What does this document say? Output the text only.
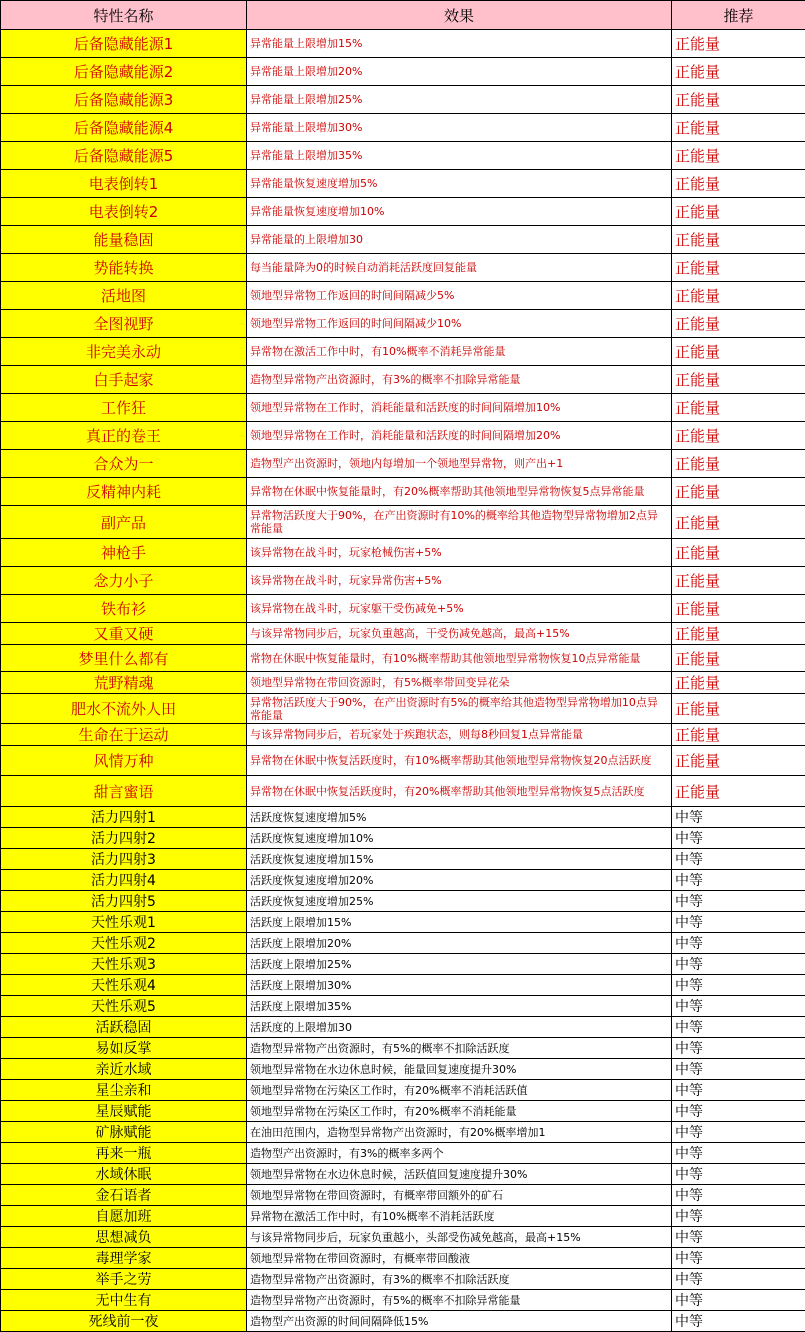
特性名称	效果	推荐
后备隐藏能源1	异常能量上限增加15%	正能量
后备隐藏能源2	异常能量上限增加20%	正能量
后备隐藏能源3	异常能量上限增加25%	正能量
后备隐藏能源4	异常能量上限增加30%	正能量
后备隐藏能源5	异常能量上限增加35%	正能量
电表倒转1	异常能量恢复速度增加5%	正能量
电表倒转2	异常能量恢复速度增加10%	正能量
能量稳固	异常能量的上限增加30	正能量
势能转换	每当能量降为0的时候自动消耗活跃度回复能量	正能量
活地图	领地型异常物工作返回的时间间隔减少5%	正能量
全图视野	领地型异常物工作返回的时间间隔减少10%	正能量
非完美永动	异常物在激活工作中时，有10%概率不消耗异常能量	正能量
白手起家	造物型异常物产出资源时，有3%的概率不扣除异常能量	正能量
工作狂	领地型异常物在工作时，消耗能量和活跃度的时间间隔增加10%	正能量
真正的卷王	领地型异常物在工作时，消耗能量和活跃度的时间间隔增加20%	正能量
合众为一	造物型产出资源时，领地内每增加一个领地型异常物，则产出+1	正能量
反精神内耗	异常物在休眠中恢复能量时，有20%概率帮助其他领地型异常物恢复5点异常能量	正能量
副产品	异常物活跃度大于90%，在产出资源时有10%的概率给其他造物型异常物增加2点异常能量	正能量
神枪手	该异常物在战斗时，玩家枪械伤害+5%	正能量
念力小子	该异常物在战斗时，玩家异常伤害+5%	正能量
铁布衫	该异常物在战斗时，玩家躯干受伤减免+5%	正能量
又重又硬	与该异常物同步后，玩家负重越高，干受伤减免越高，最高+15%	正能量
梦里什么都有	常物在休眠中恢复能量时，有10%概率帮助其他领地型异常物恢复10点异常能量	正能量
荒野精魂	领地型异常物在带回资源时，有5%概率带回变异花朵	正能量
肥水不流外人田	异常物活跃度大于90%，在产出资源时有5%的概率给其他造物型异常物增加10点异常能量	正能量
生命在于运动	与该异常物同步后，若玩家处于疾跑状态，则每8秒回复1点异常能量	正能量
风情万种	异常物在休眠中恢复活跃度时，有10%概率帮助其他领地型异常物恢复20点活跃度	正能量
甜言蜜语	异常物在休眠中恢复活跃度时，有20%概率帮助其他领地型异常物恢复5点活跃度	正能量
活力四射1	活跃度恢复速度增加5%	中等
活力四射2	活跃度恢复速度增加10%	中等
活力四射3	活跃度恢复速度增加15%	中等
活力四射4	活跃度恢复速度增加20%	中等
活力四射5	活跃度恢复速度增加25%	中等
天性乐观1	活跃度上限增加15%	中等
天性乐观2	活跃度上限增加20%	中等
天性乐观3	活跃度上限增加25%	中等
天性乐观4	活跃度上限增加30%	中等
天性乐观5	活跃度上限增加35%	中等
活跃稳固	活跃度的上限增加30	中等
易如反掌	造物型异常物产出资源时，有5%的概率不扣除活跃度	中等
亲近水域	领地型异常物在水边休息时候，能量回复速度提升30%	中等
星尘亲和	领地型异常物在污染区工作时，有20%概率不消耗活跃值	中等
星辰赋能	领地型异常物在污染区工作时，有20%概率不消耗能量	中等
矿脉赋能	在油田范围内，造物型异常物产出资源时，有20%概率增加1	中等
再来一瓶	造物型产出资源时，有3%的概率多两个	中等
水域休眠	领地型异常物在水边休息时候，活跃值回复速度提升30%	中等
金石语者	领地型异常物在带回资源时，有概率带回额外的矿石	中等
自愿加班	异常物在激活工作中时，有10%概率不消耗活跃度	中等
思想减负	与该异常物同步后，玩家负重越小，头部受伤减免越高，最高+15%	中等
毒理学家	领地型异常物在带回资源时，有概率带回酸液	中等
举手之劳	造物型异常物产出资源时，有3%的概率不扣除活跃度	中等
无中生有	造物型异常物产出资源时，有5%的概率不扣除异常能量	中等
死线前一夜	造物型产出资源的时间间隔降低15%	中等
